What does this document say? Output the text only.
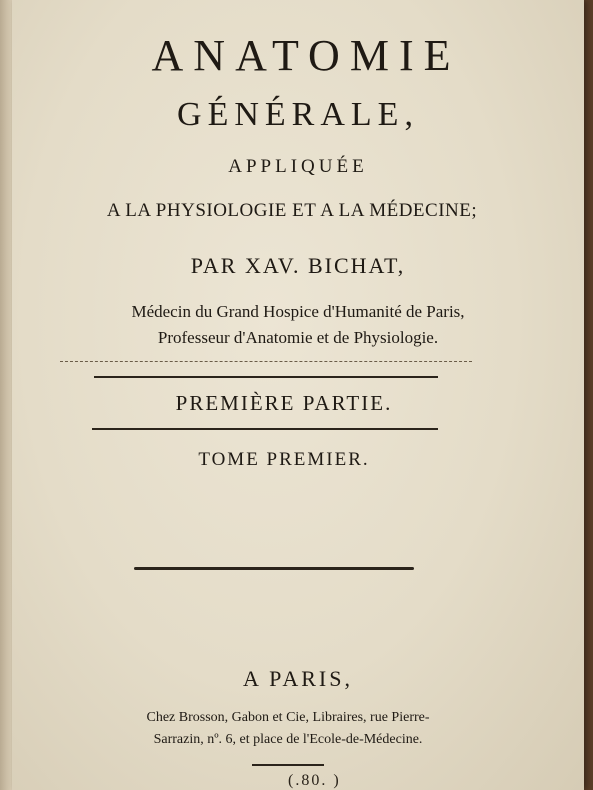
ANATOMIE

GÉNÉRALE,

APPLIQUÉE

A LA PHYSIOLOGIE ET A LA MÉDECINE;

PAR XAV. BICHAT,

Médecin du Grand Hospice d'Humanité de Paris,

Professeur d'Anatomie et de Physiologie.

PREMIÈRE PARTIE.

TOME PREMIER.

A PARIS,

Chez Brosson, Gabon et Cie, Libraires, rue Pierre-

Sarrazin, nº. 6, et place de l'Ecole-de-Médecine.

(.80. )
